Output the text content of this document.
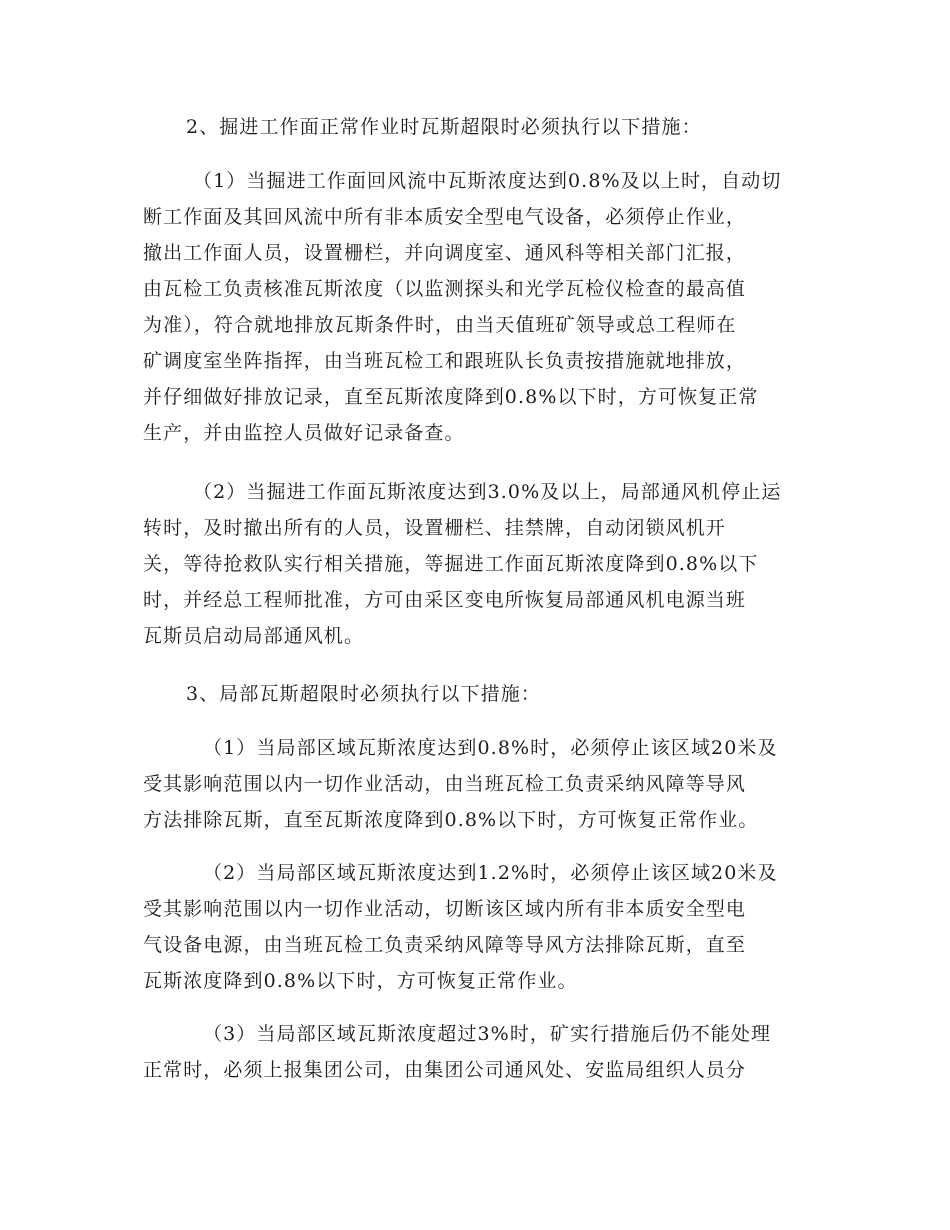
2、掘进工作面正常作业时瓦斯超限时必须执行以下措施：
（1）当掘进工作面回风流中瓦斯浓度达到0.8%及以上时，自动切
断工作面及其回风流中所有非本质安全型电气设备，必须停止作业，
撤出工作面人员，设置栅栏，并向调度室、通风科等相关部门汇报，
由瓦检工负责核准瓦斯浓度（以监测探头和光学瓦检仪检查的最高值
为准），符合就地排放瓦斯条件时，由当天值班矿领导或总工程师在
矿调度室坐阵指挥，由当班瓦检工和跟班队长负责按措施就地排放，
并仔细做好排放记录，直至瓦斯浓度降到0.8%以下时，方可恢复正常
生产，并由监控人员做好记录备查。
（2）当掘进工作面瓦斯浓度达到3.0%及以上，局部通风机停止运
转时，及时撤出所有的人员，设置栅栏、挂禁牌，自动闭锁风机开
关，等待抢救队实行相关措施，等掘进工作面瓦斯浓度降到0.8%以下
时，并经总工程师批准，方可由采区变电所恢复局部通风机电源当班
瓦斯员启动局部通风机。
3、局部瓦斯超限时必须执行以下措施：
（1）当局部区域瓦斯浓度达到0.8%时，必须停止该区域20米及
受其影响范围以内一切作业活动，由当班瓦检工负责采纳风障等导风
方法排除瓦斯，直至瓦斯浓度降到0.8%以下时，方可恢复正常作业。
（2）当局部区域瓦斯浓度达到1.2%时，必须停止该区域20米及
受其影响范围以内一切作业活动，切断该区域内所有非本质安全型电
气设备电源，由当班瓦检工负责采纳风障等导风方法排除瓦斯，直至
瓦斯浓度降到0.8%以下时，方可恢复正常作业。
（3）当局部区域瓦斯浓度超过3%时，矿实行措施后仍不能处理
正常时，必须上报集团公司，由集团公司通风处、安监局组织人员分
